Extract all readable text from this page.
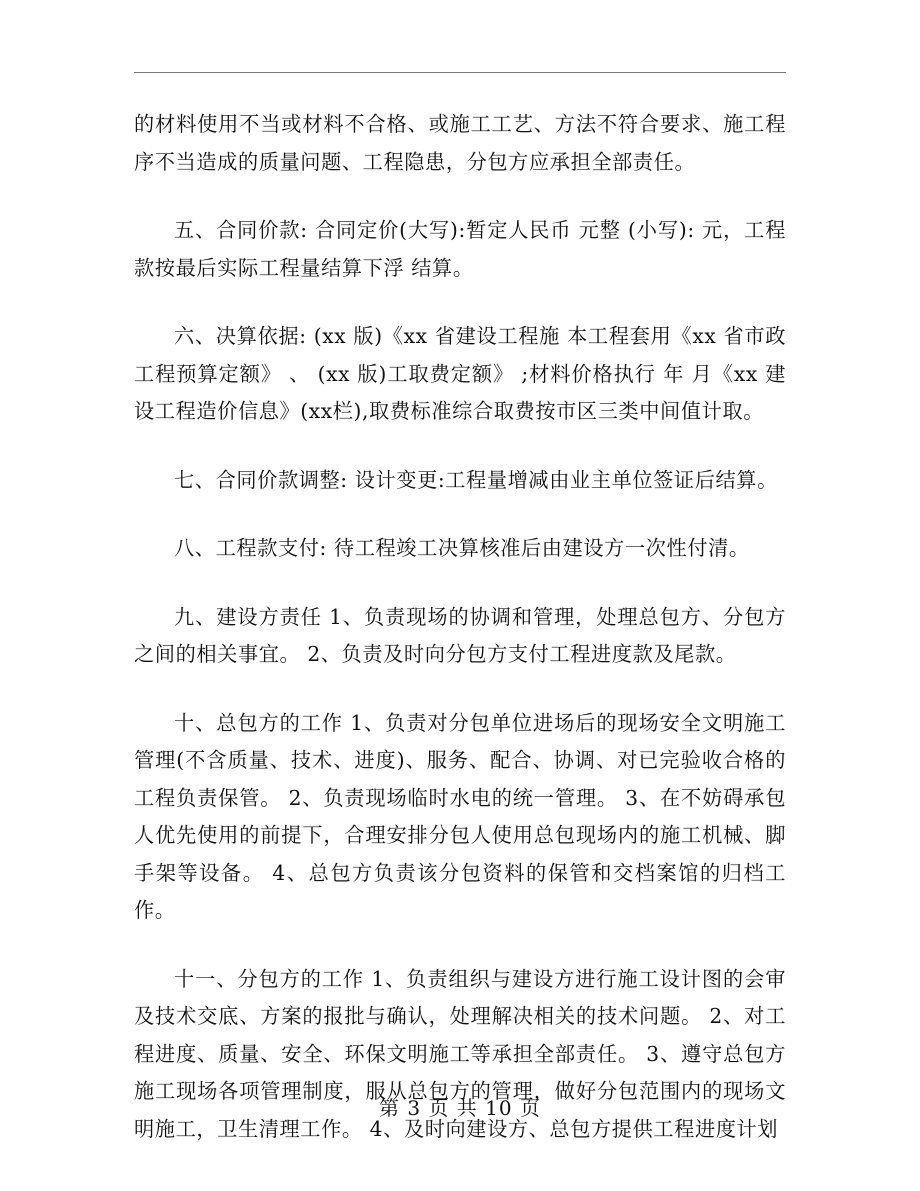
的材料使用不当或材料不合格、或施工工艺、方法不符合要求、施工程序不当造成的质量问题、工程隐患，分包方应承担全部责任。

五、合同价款: 合同定价(大写):暂定人民币 元整 (小写): 元，工程款按最后实际工程量结算下浮 结算。

六、决算依据: (xx 版)《xx 省建设工程施 本工程套用《xx 省市政工程预算定额》 、 (xx 版)工取费定额》 ;材料价格执行 年 月《xx 建设工程造价信息》(xx栏),取费标准综合取费按市区三类中间值计取。

七、合同价款调整: 设计变更:工程量增减由业主单位签证后结算。

八、工程款支付: 待工程竣工决算核准后由建设方一次性付清。

九、建设方责任 1、负责现场的协调和管理，处理总包方、分包方之间的相关事宜。 2、负责及时向分包方支付工程进度款及尾款。

十、总包方的工作 1、负责对分包单位进场后的现场安全文明施工管理(不含质量、技术、进度)、服务、配合、协调、对已完验收合格的工程负责保管。 2、负责现场临时水电的统一管理。 3、在不妨碍承包人优先使用的前提下，合理安排分包人使用总包现场内的施工机械、脚手架等设备。 4、总包方负责该分包资料的保管和交档案馆的归档工作。

十一、分包方的工作 1、负责组织与建设方进行施工设计图的会审及技术交底、方案的报批与确认，处理解决相关的技术问题。 2、对工程进度、质量、安全、环保文明施工等承担全部责任。 3、遵守总包方施工现场各项管理制度，服从总包方的管理，做好分包范围内的现场文明施工，卫生清理工作。 4、及时向建设方、总包方提供工程进度计划

第 3 页 共 10 页
